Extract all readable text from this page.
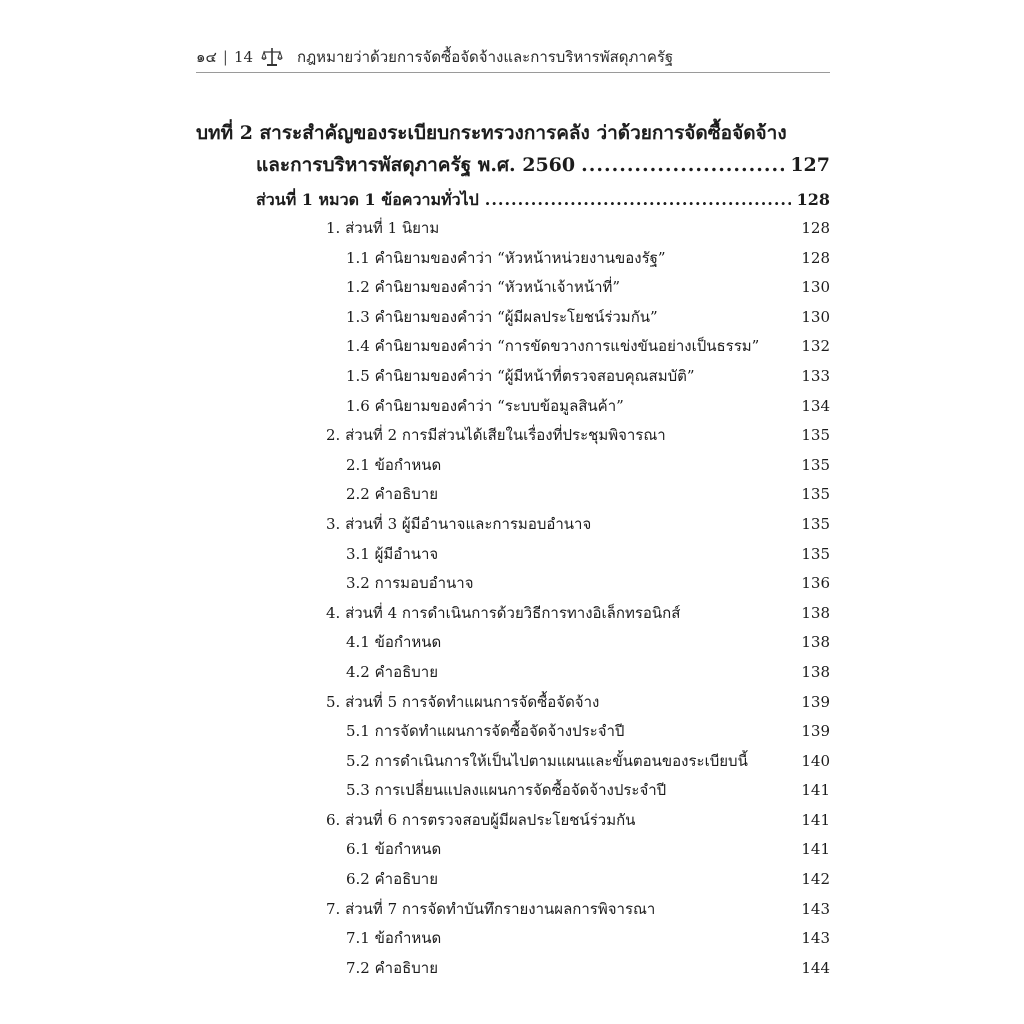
๑๔ | 14	กฎหมายว่าด้วยการจัดซื้อจัดจ้างและการบริหารพัสดุภาครัฐ
บทที่ 2 สาระสำคัญของระเบียบกระทรวงการคลัง ว่าด้วยการจัดซื้อจัดจ้าง
และการบริหารพัสดุภาครัฐ พ.ศ. 2560 .....	127
ส่วนที่ 1 หมวด 1 ข้อความทั่วไป .....	128
1. ส่วนที่ 1 นิยาม	128
1.1 คำนิยามของคำว่า “หัวหน้าหน่วยงานของรัฐ”	128
1.2 คำนิยามของคำว่า “หัวหน้าเจ้าหน้าที่”	130
1.3 คำนิยามของคำว่า “ผู้มีผลประโยชน์ร่วมกัน”	130
1.4 คำนิยามของคำว่า “การขัดขวางการแข่งขันอย่างเป็นธรรม”	132
1.5 คำนิยามของคำว่า “ผู้มีหน้าที่ตรวจสอบคุณสมบัติ”	133
1.6 คำนิยามของคำว่า “ระบบข้อมูลสินค้า”	134
2. ส่วนที่ 2 การมีส่วนได้เสียในเรื่องที่ประชุมพิจารณา	135
2.1 ข้อกำหนด	135
2.2 คำอธิบาย	135
3. ส่วนที่ 3 ผู้มีอำนาจและการมอบอำนาจ	135
3.1 ผู้มีอำนาจ	135
3.2 การมอบอำนาจ	136
4. ส่วนที่ 4 การดำเนินการด้วยวิธีการทางอิเล็กทรอนิกส์	138
4.1 ข้อกำหนด	138
4.2 คำอธิบาย	138
5. ส่วนที่ 5 การจัดทำแผนการจัดซื้อจัดจ้าง	139
5.1 การจัดทำแผนการจัดซื้อจัดจ้างประจำปี	139
5.2 การดำเนินการให้เป็นไปตามแผนและขั้นตอนของระเบียบนี้	140
5.3 การเปลี่ยนแปลงแผนการจัดซื้อจัดจ้างประจำปี	141
6. ส่วนที่ 6 การตรวจสอบผู้มีผลประโยชน์ร่วมกัน	141
6.1 ข้อกำหนด	141
6.2 คำอธิบาย	142
7. ส่วนที่ 7 การจัดทำบันทึกรายงานผลการพิจารณา	143
7.1 ข้อกำหนด	143
7.2 คำอธิบาย	144
